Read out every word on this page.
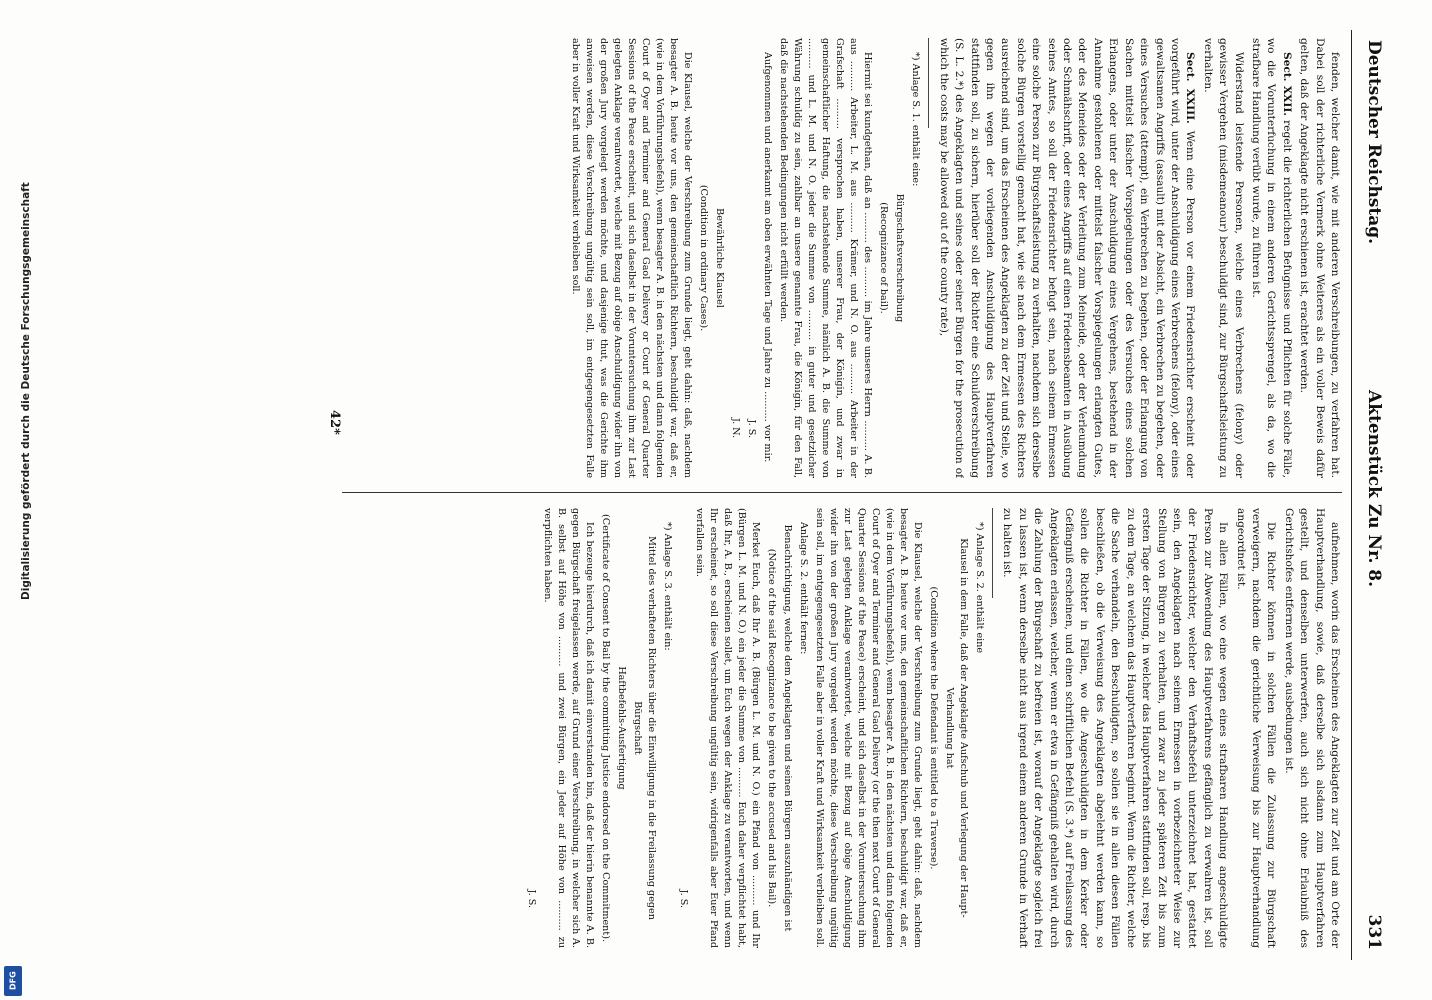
Digitalisierung gefördert durch die Deutsche Forschungsgemeinschaft
DFG
Deutscher Reichstag.
Aktenstück Zu Nr. 8.
331

fenden, welcher damit, wie mit anderen Verschreibungen, zu verfahren hat. Dabei soll der richterliche Vermerk ohne Weiteres als ein voller Beweis dafür gelten, daß der Angeklagte nicht erschienen ist, erachtet werden.

Sect. XXII. regelt die richterlichen Befugnisse und Pflichten für solche Fälle, wo die Vorunterfuchung in einem anderen Gerichtssprengel, als da, wo die strafbare Handlung verübt wurde, zu führen ist.

Widerstand leistende Personen, welche eines Verbrechens (felony) oder gewisser Vergehen (misdemeanour) beschuldigt sind, zur Bürgschaftsleistung zu verhalten.

Sect. XXIII. Wenn eine Person vor einem Friedensrichter erscheint oder vorgeführt wird, unter der Anschuldigung eines Verbrechens (felony), oder eines gewaltsamen Angriffs (assault) mit der Absicht, ein Verbrechen zu begehen, oder eines Versuches (attempt), ein Verbrechen zu begehen, oder der Erlangung von Sachen mittelst falscher Vorspiegelungen oder des Versuches eines solchen Erlangens, oder unter der Anschuldigung eines Vergehens, bestehend in der Annahme gestohlenen oder mittelst falscher Vorspiegelungen erlangten Gutes, oder des Meineides oder der Verleitung zum Meineide, oder der Verleumdung oder Schmähschrift, oder eines Angriffs auf einen Friedensbeamten in Ausübung seines Amtes, so soll der Friedensrichter befugt sein, nach seinem Ermessen eine solche Person zur Bürgschaftsleistung zu verhalten, nachdem sich derselbe solche Bürgen vorstellig gemacht hat, wie sie nach dem Ermessen des Richters ausreichend sind, um das Erscheinen des Angeklagten zu der Zeit und Stelle, wo gegen ihn wegen der vorliegenden Anschuldigung des Hauptverfahren stattfinden soll, zu sichern, hierüber soll der Richter eine Schuldverschreibung (S. L. 2.*) des Angeklagten und seines oder seiner Bürgen for the prosecution of which the costs may be allowed out of the county rate),

*) Anlage S. 1. enthält eine:

Bürgschaftsverschreibung

(Recognizance of bail).

Hiermit sei kundgethan, daß an .......... des .......... im Jahre unseres Herrn .......... A. B. aus .......... Arbeiter, L. M. aus .......... Krämer, und N. O. aus .......... Arbeiter in der Grafschaft .......... versprochen haben, unserer Frau, der Königin, und zwar in gemeinschaftlicher Haftung, die nachstehende Summe, nämlich A. B. die Summe von .......... und L. M. und N. O. jeder die Summe von .......... in guter und gesetzlicher Währung schuldig zu sein, zahlbar an unsere genannte Frau, die Königin, für den Fall, daß die nachstehenden Bedingungen nicht erfüllt werden.

Aufgenommen und anerkannt am oben erwähnten Tage und Jahre zu .......... vor mir.

J. S.

J. N.

Bewährliche Klausel

(Condition in ordinary Cases).

Die Klausel, welche der Verschreibung zum Grunde liegt, geht dahin: daß, nachdem besagter A. B. heute vor uns, den gemeinschaftlich Richtern, beschuldigt war, daß er, (wie in dem Vorführungsbefehl), wenn besagter A. B. in den nächsten und dann folgenden Court of Oyer and Terminer and General Gaol Delivery or Court of General Quarter Sessions of the Peace erscheint, und sich daselbst in der Voruntersuchung ihm zur Last gelegten Anklage verantwortet, welche mit Bezug auf obige Anschuldigung wider ihn von der großen Jury vorgelegt werden möchte, und dasjenige thut, was die Gerichte ihm anweisen werden, diese Verschreibung ungültig sein soll, im entgegengesetzten Falle aber in voller Kraft und Wirksamkeit verbleiben soll.

aufnehmen, worin das Erscheinen des Angeklagten zur Zeit und am Orte der Hauptverhandlung, sowie, daß derselbe sich alsdann zum Hauptverfahren gestellt, und denselben unterwerfen, auch sich nicht ohne Erlaubniß des Gerichtshofes entfernen werde, ausbedungen ist.

Die Richter können in solchen Fällen die Zulassung zur Bürgschaft verweigern, nachdem die gerichtliche Verweisung bis zur Hauptverhandlung angeordnet ist.

In allen Fällen, wo eine wegen eines strafbaren Handlung angeschuldigte Person zur Abwendung des Hauptverfahrens gefänglich zu verwahren ist, soll der Friedensrichter, welcher den Verhaftsbefehl unterzeichnet hat, gestattet sein, den Angeklagten nach seinem Ermessen in vorbezeichneter Weise zur Stellung von Bürgen zu verhalten, und zwar zu jeder späteren Zeit bis zum ersten Tage der Sitzung, in welcher das Hauptverfahren stattfinden soll, resp. bis zu dem Tage, an welchem das Hauptverfahren beginnt. Wenn die Richter, welche die Sache verhandeln, den Beschuldigten, so sollen sie in allen diesen Fällen beschließen, ob die Verweisung des Angeklagten abgelehnt werden kann, so sollen die Richter in Fällen, wo die Angeschuldigten in dem Kerker oder Gefängniß erscheinen, und einen schriftlichen Befehl (S. 3.*) auf Freilassung des Angeklagten erlassen, welcher, wenn er etwa in Gefängniß gehalten wird, durch die Zahlung der Bürgschaft zu befreien ist, worauf der Angeklagte sogleich frei zu lassen ist, wenn derselbe nicht aus irgend einem anderen Grunde in Verhaft zu halten ist.

*) Anlage S. 2. enthält eine

Klausel in dem Falle, daß der Angeklagte Aufschub und Verlegung der Haupt-Verhandlung hat

(Condition where the Defendant is entitled to a Traverse).

Die Klausel, welche der Verschreibung zum Grunde liegt, geht dahin: daß, nachdem besagter A. B. heute vor uns, den gemeinschaftlichen Richtern, beschuldigt war, daß er, (wie in dem Vorführungsbefehl), wenn besagter A. B. in den nächsten und dann folgenden Court of Oyer and Terminer and General Gaol Delivery (or the then next Court of General Quarter Sessions of the Peace) erscheint, und sich daselbst in der Voruntersuchung ihm zur Last gelegten Anklage verantwortet, welche mit Bezug auf obige Anschuldigung wider ihn von der großen Jury vorgelegt werden möchte, diese Verschreibung ungültig sein soll, im entgegengesetzten Falle aber in voller Kraft und Wirksamkeit verbleiben soll.

Anlage S. 2. enthält ferner:

Benachrichtigung, welche dem Angeklagten und seinen Bürgern auszuhändigen ist

(Notice of the said Recognizance to be given to the accused and his Bail).

Merket Euch, daß Ihr A. B. (Bürgen L. M. und N. O.) ein Pfand von .......... und Ihr (Bürgen L. M. und N. O.) ein jeder die Summe von .......... Euch daher verpflichtet habt, daß Ihr, A. B., erscheinen sollet, um Euch wegen der Anklage zu verantworten, und wenn Ihr erscheinet, so soll diese Verschreibung ungültig sein, widrigenfalls aber Euer Pfand verfallen sein.

J. S.

*) Anlage S. 3. enthält ein:

Mittel des verhafteten Richters über die Einwilligung in die Freilassung gegen Bürgschaft

Haftbefehls-Ausfertigung

(Certificate of Consent to Bail by the committing Justice endorsed on the Commitment).

Ich bezeuge hierdurch, daß ich damit einverstanden bin, daß der hierin benannte A. B. gegen Bürgschaft freigelassen werde, auf Grund einer Verschreibung, in welcher sich A. B. selbst auf Höhe von .......... und zwei Bürgen, ein Jeder auf Höhe von .......... zu verpflichten haben.

J. S.

42*
